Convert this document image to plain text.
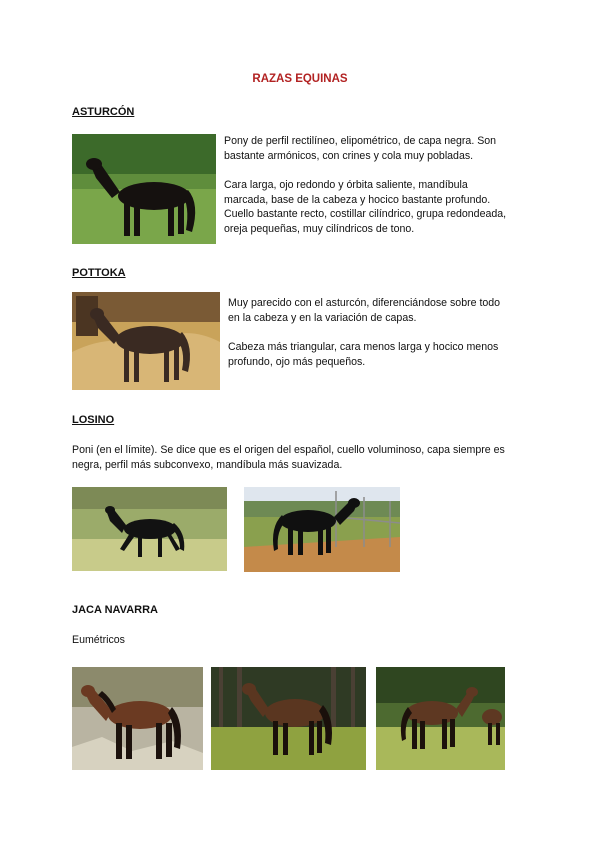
RAZAS EQUINAS
ASTURCÓN
Pony de perfil rectilíneo, elipométrico, de capa negra. Son
bastante armónicos, con crines y cola muy pobladas.
Cara larga, ojo redondo y órbita saliente, mandíbula
marcada, base de la cabeza y hocico bastante profundo.
Cuello bastante recto, costillar cilíndrico, grupa redondeada,
oreja pequeñas, muy cilíndricos de tono.
POTTOKA
Muy parecido con el asturcón, diferenciándose sobre todo
en la cabeza y en la variación de capas.
Cabeza más triangular, cara menos larga y hocico menos
profundo, ojo más pequeños.
LOSINO
Poni (en el límite). Se dice que es el origen del español, cuello voluminoso, capa siempre es
negra, perfil más subconvexo, mandíbula más suavizada.
JACA NAVARRA
Eumétricos
